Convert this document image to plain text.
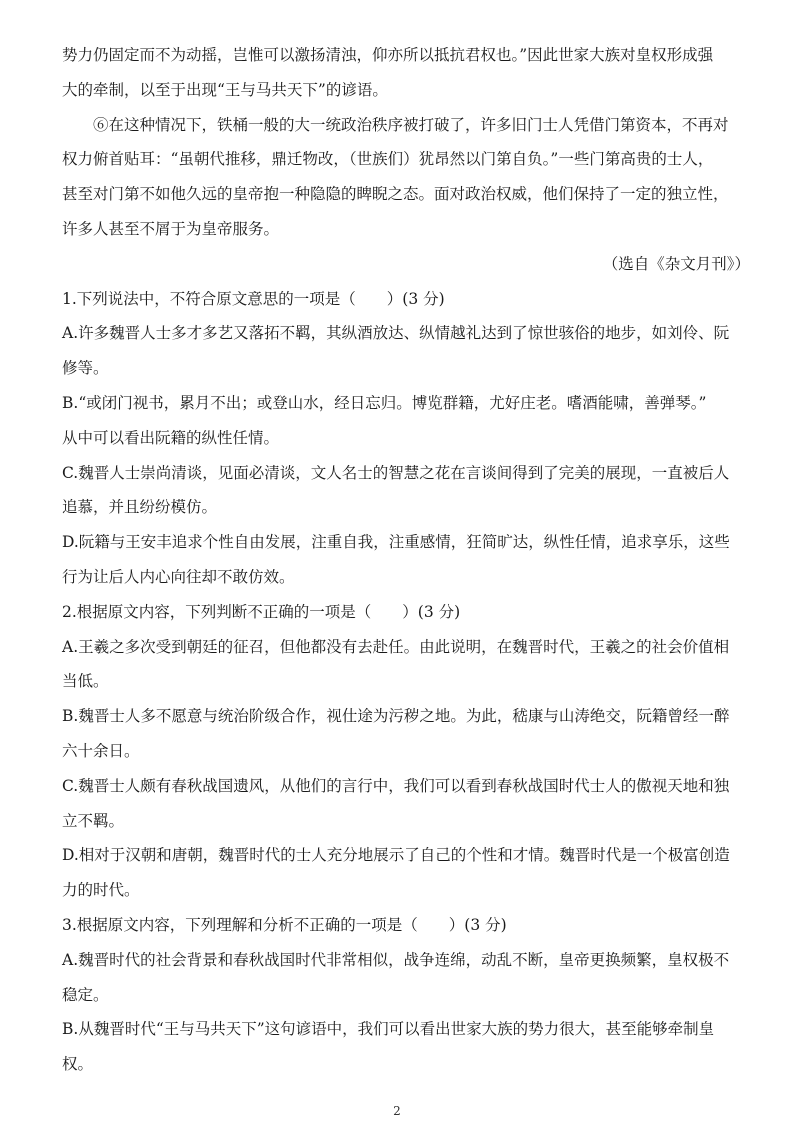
势力仍固定而不为动摇，岂惟可以激扬清浊，仰亦所以抵抗君权也。”因此世家大族对皇权形成强

大的牵制，以至于出现“王与马共天下”的谚语。

⑥在这种情况下，铁桶一般的大一统政治秩序被打破了，许多旧门士人凭借门第资本，不再对

权力俯首贴耳：“虽朝代推移，鼎迁物改，（世族们）犹昂然以门第自负。”一些门第高贵的士人，

甚至对门第不如他久远的皇帝抱一种隐隐的睥睨之态。面对政治权威，他们保持了一定的独立性，

许多人甚至不屑于为皇帝服务。

（选自《杂文月刊》）

1.下列说法中，不符合原文意思的一项是（　　）(3 分)

A.许多魏晋人士多才多艺又落拓不羁，其纵酒放达、纵情越礼达到了惊世骇俗的地步，如刘伶、阮

修等。

B.“或闭门视书，累月不出；或登山水，经日忘归。博览群籍，尤好庄老。嗜酒能啸，善弹琴。”

从中可以看出阮籍的纵性任情。

C.魏晋人士崇尚清谈，见面必清谈，文人名士的智慧之花在言谈间得到了完美的展现，一直被后人

追慕，并且纷纷模仿。

D.阮籍与王安丰追求个性自由发展，注重自我，注重感情，狂简旷达，纵性任情，追求享乐，这些

行为让后人内心向往却不敢仿效。

2.根据原文内容，下列判断不正确的一项是（　　）(3 分)

A.王羲之多次受到朝廷的征召，但他都没有去赴任。由此说明，在魏晋时代，王羲之的社会价值相

当低。

B.魏晋士人多不愿意与统治阶级合作，视仕途为污秽之地。为此，嵇康与山涛绝交，阮籍曾经一醉

六十余日。

C.魏晋士人颇有春秋战国遗风，从他们的言行中，我们可以看到春秋战国时代士人的傲视天地和独

立不羁。

D.相对于汉朝和唐朝，魏晋时代的士人充分地展示了自己的个性和才情。魏晋时代是一个极富创造

力的时代。

3.根据原文内容，下列理解和分析不正确的一项是（　　）(3 分)

A.魏晋时代的社会背景和春秋战国时代非常相似，战争连绵，动乱不断，皇帝更换频繁，皇权极不

稳定。

B.从魏晋时代“王与马共天下”这句谚语中，我们可以看出世家大族的势力很大，甚至能够牵制皇

权。

2
